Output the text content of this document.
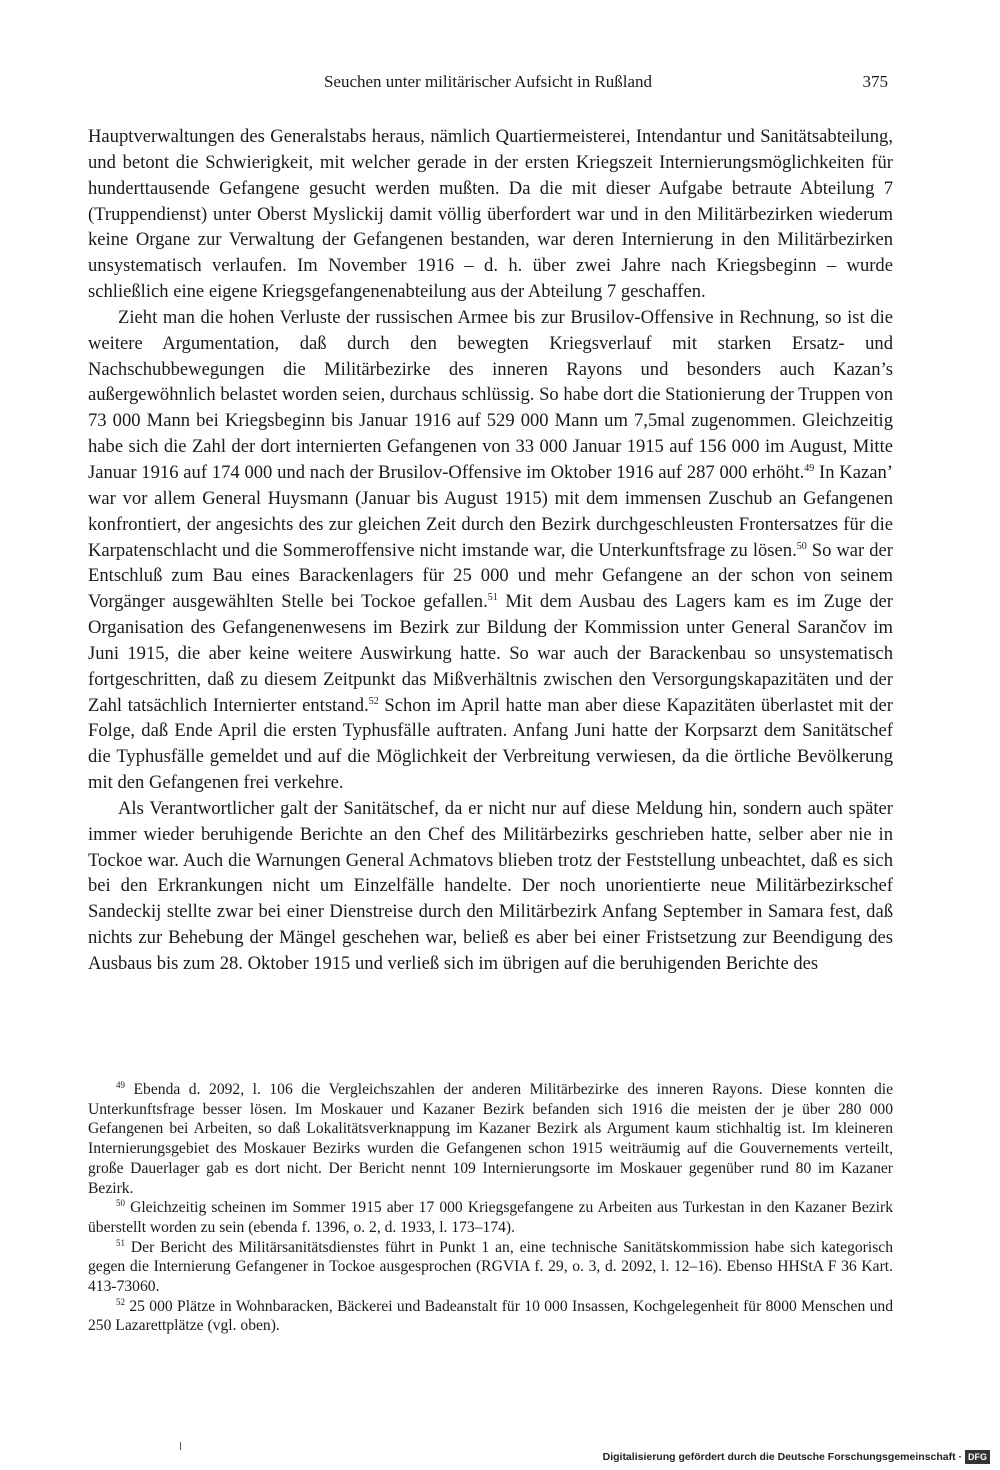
Seuchen unter militärischer Aufsicht in Rußland	375

Hauptverwaltungen des Generalstabs heraus, nämlich Quartiermeisterei, Intendantur und Sanitätsabteilung, und betont die Schwierigkeit, mit welcher gerade in der ersten Kriegszeit Internierungsmöglichkeiten für hunderttausende Gefangene gesucht werden mußten. Da die mit dieser Aufgabe betraute Abteilung 7 (Truppendienst) unter Oberst Myslickij damit völlig überfordert war und in den Militärbezirken wiederum keine Organe zur Verwaltung der Gefangenen bestanden, war deren Internierung in den Militärbezirken unsystematisch verlaufen. Im November 1916 – d. h. über zwei Jahre nach Kriegsbeginn – wurde schließlich eine eigene Kriegsgefangenenabteilung aus der Abteilung 7 geschaffen.

Zieht man die hohen Verluste der russischen Armee bis zur Brusilov-Offensive in Rechnung, so ist die weitere Argumentation, daß durch den bewegten Kriegsverlauf mit starken Ersatz- und Nachschubbewegungen die Militärbezirke des inneren Rayons und besonders auch Kazan’s außergewöhnlich belastet worden seien, durchaus schlüssig. So habe dort die Stationierung der Truppen von 73 000 Mann bei Kriegsbeginn bis Januar 1916 auf 529 000 Mann um 7,5mal zugenommen. Gleichzeitig habe sich die Zahl der dort internierten Gefangenen von 33 000 Januar 1915 auf 156 000 im August, Mitte Januar 1916 auf 174 000 und nach der Brusilov-Offensive im Oktober 1916 auf 287 000 erhöht.$^{49}$ In Kazan’ war vor allem General Huysmann (Januar bis August 1915) mit dem immensen Zuschub an Gefangenen konfrontiert, der angesichts des zur gleichen Zeit durch den Bezirk durchgeschleusten Frontersatzes für die Karpatenschlacht und die Sommeroffensive nicht imstande war, die Unterkunftsfrage zu lösen.$^{50}$ So war der Entschluß zum Bau eines Barackenlagers für 25 000 und mehr Gefangene an der schon von seinem Vorgänger ausgewählten Stelle bei Tockoe gefallen.$^{51}$ Mit dem Ausbau des Lagers kam es im Zuge der Organisation des Gefangenenwesens im Bezirk zur Bildung der Kommission unter General Sarančov im Juni 1915, die aber keine weitere Auswirkung hatte. So war auch der Barackenbau so unsystematisch fortgeschritten, daß zu diesem Zeitpunkt das Mißverhältnis zwischen den Versorgungskapazitäten und der Zahl tatsächlich Internierter entstand.$^{52}$ Schon im April hatte man aber diese Kapazitäten überlastet mit der Folge, daß Ende April die ersten Typhusfälle auftraten. Anfang Juni hatte der Korpsarzt dem Sanitätschef die Typhusfälle gemeldet und auf die Möglichkeit der Verbreitung verwiesen, da die örtliche Bevölkerung mit den Gefangenen frei verkehre.

Als Verantwortlicher galt der Sanitätschef, da er nicht nur auf diese Meldung hin, sondern auch später immer wieder beruhigende Berichte an den Chef des Militärbezirks geschrieben hatte, selber aber nie in Tockoe war. Auch die Warnungen General Achmatovs blieben trotz der Feststellung unbeachtet, daß es sich bei den Erkrankungen nicht um Einzelfälle handelte. Der noch unorientierte neue Militärbezirkschef Sandeckij stellte zwar bei einer Dienstreise durch den Militärbezirk Anfang September in Samara fest, daß nichts zur Behebung der Mängel geschehen war, beließ es aber bei einer Fristsetzung zur Beendigung des Ausbaus bis zum 28. Oktober 1915 und verließ sich im übrigen auf die beruhigenden Berichte des

$^{49}$ Ebenda d. 2092, l. 106 die Vergleichszahlen der anderen Militärbezirke des inneren Rayons. Diese konnten die Unterkunftsfrage besser lösen. Im Moskauer und Kazaner Bezirk befanden sich 1916 die meisten der je über 280 000 Gefangenen bei Arbeiten, so daß Lokalitätsverknappung im Kazaner Bezirk als Argument kaum stichhaltig ist. Im kleineren Internierungsgebiet des Moskauer Bezirks wurden die Gefangenen schon 1915 weiträumig auf die Gouvernements verteilt, große Dauerlager gab es dort nicht. Der Bericht nennt 109 Internierungsorte im Moskauer gegenüber rund 80 im Kazaner Bezirk.

$^{50}$ Gleichzeitig scheinen im Sommer 1915 aber 17 000 Kriegsgefangene zu Arbeiten aus Turkestan in den Kazaner Bezirk überstellt worden zu sein (ebenda f. 1396, o. 2, d. 1933, l. 173–174).

$^{51}$ Der Bericht des Militärsanitätsdienstes führt in Punkt 1 an, eine technische Sanitätskommission habe sich kategorisch gegen die Internierung Gefangener in Tockoe ausgesprochen (RGVIA f. 29, o. 3, d. 2092, l. 12–16). Ebenso HHStA F 36 Kart. 413-73060.

$^{52}$ 25 000 Plätze in Wohnbaracken, Bäckerei und Badeanstalt für 10 000 Insassen, Kochgelegenheit für 8000 Menschen und 250 Lazarettplätze (vgl. oben).

Digitalisierung gefördert durch die Deutsche Forschungsgemeinschaft · DFG
